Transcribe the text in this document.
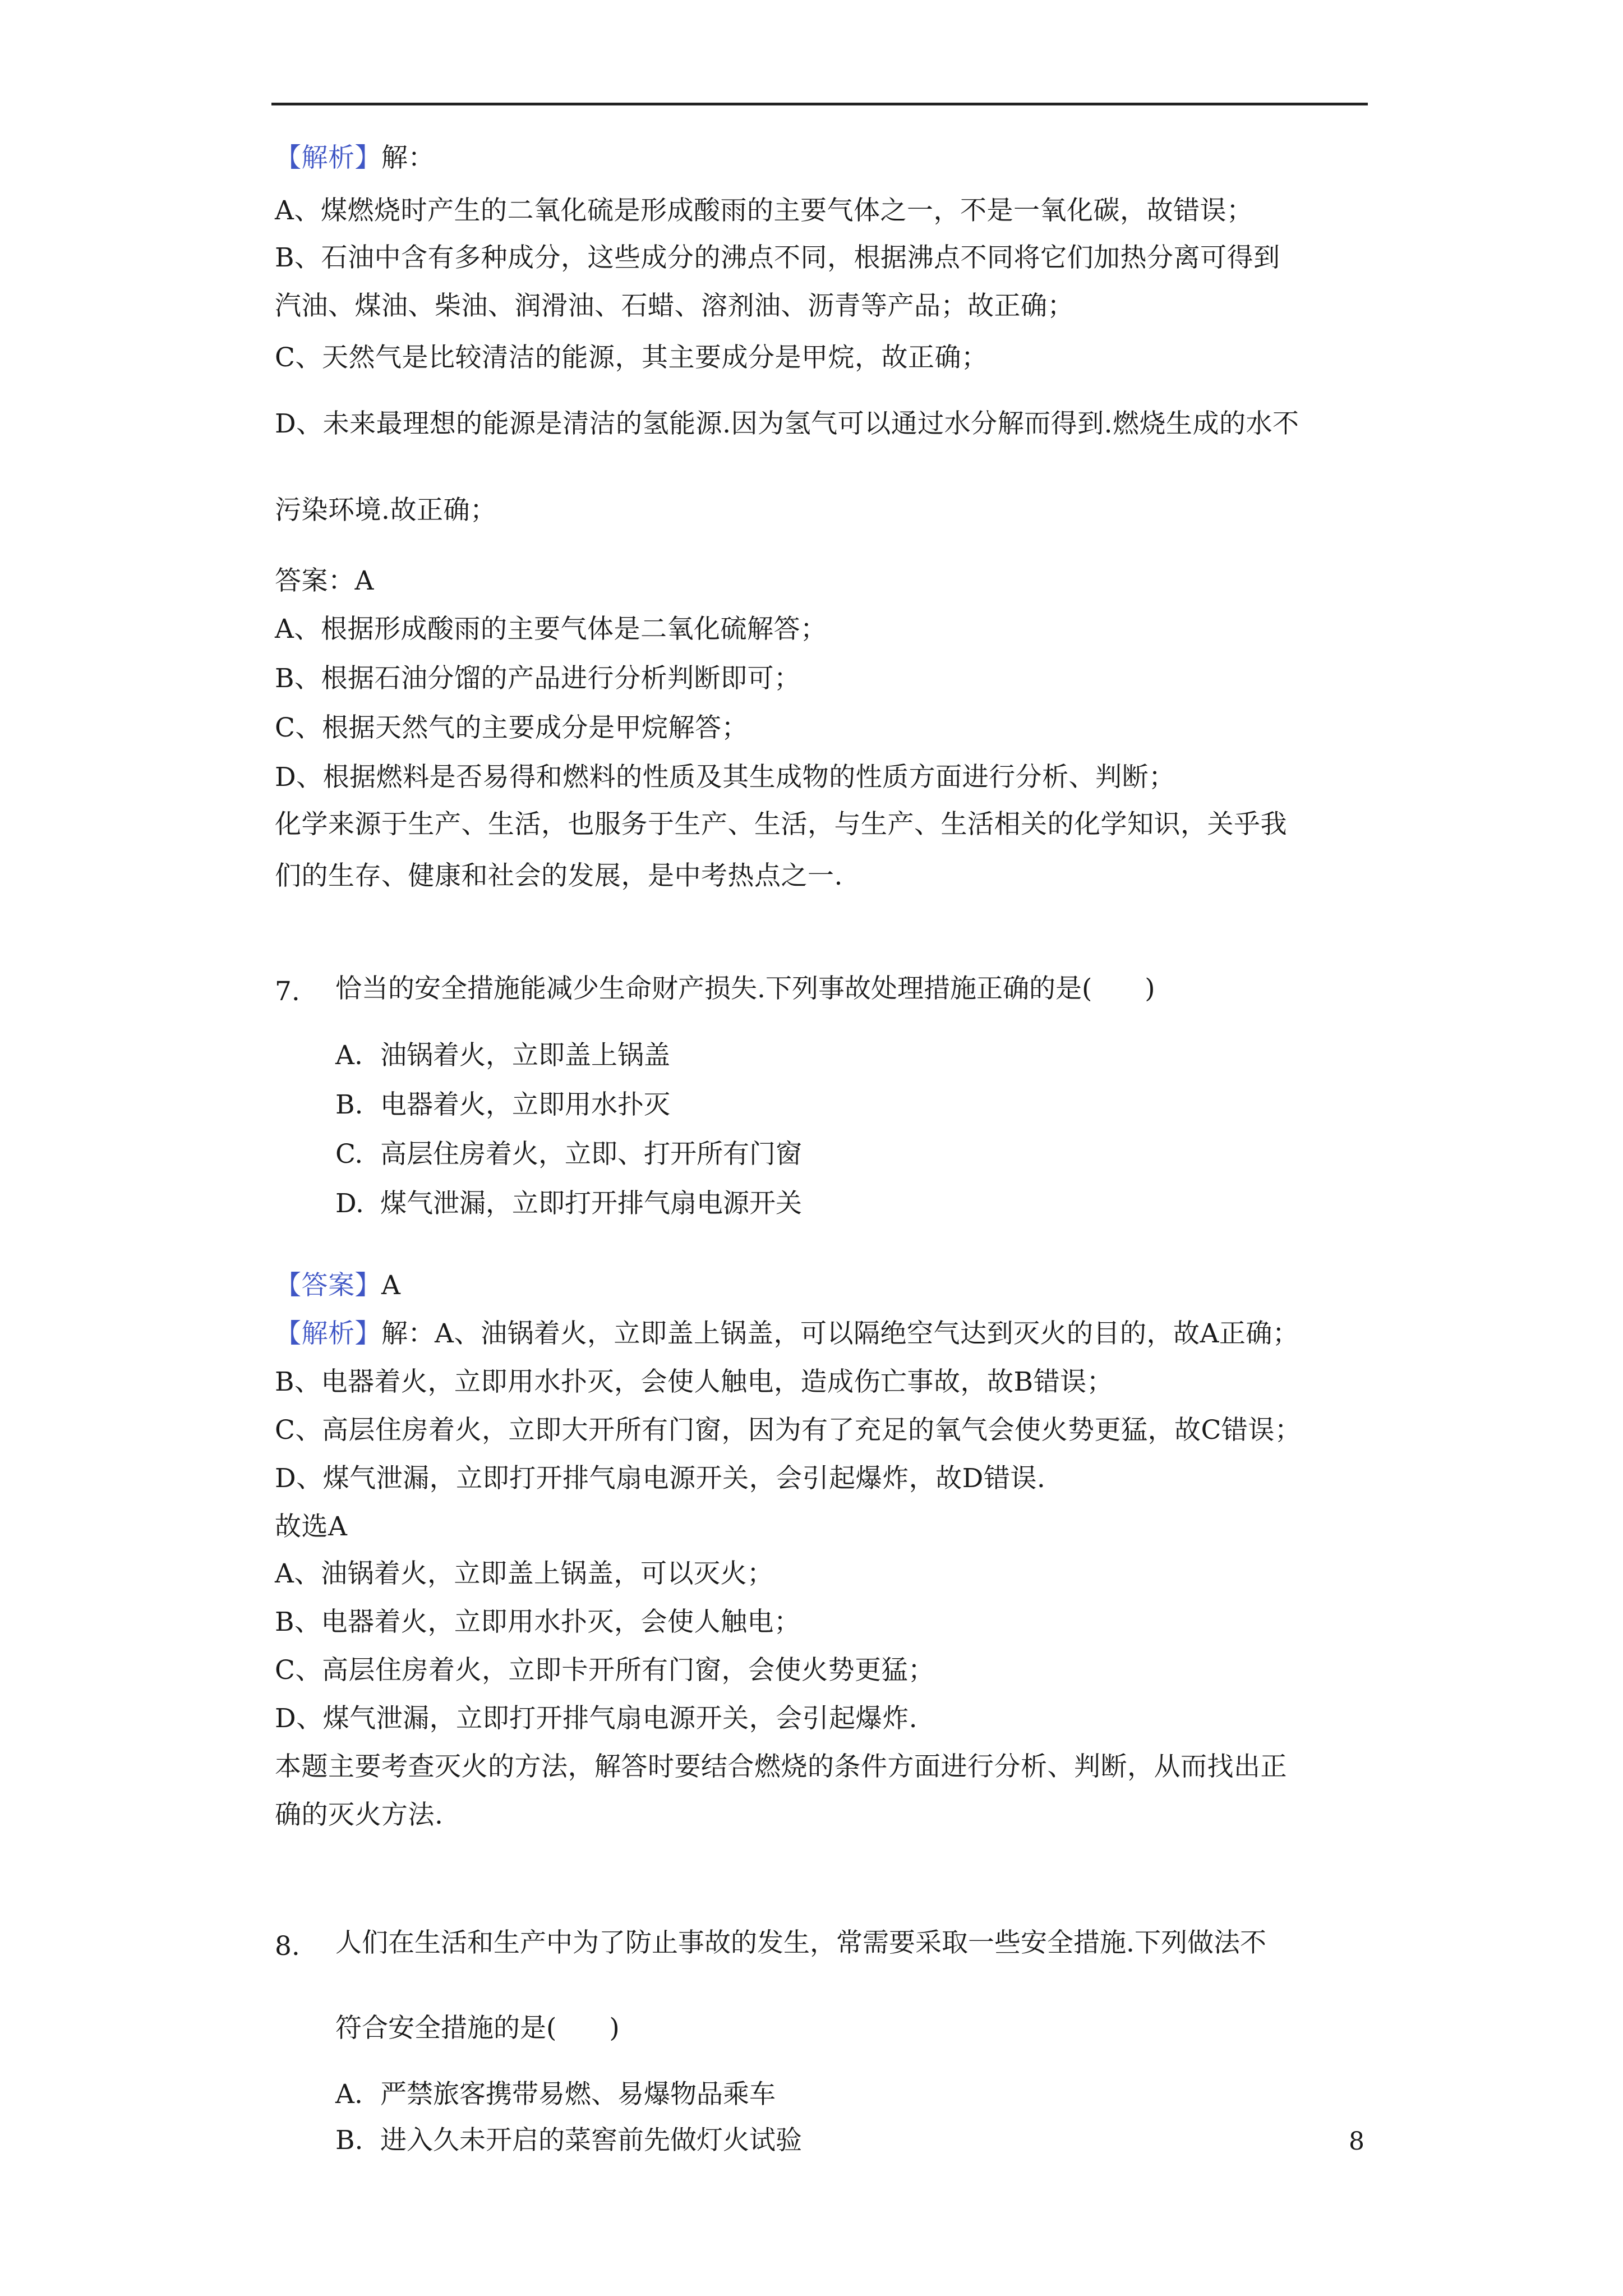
【解析】解：
A、煤燃烧时产生的二氧化硫是形成酸雨的主要气体之一，不是一氧化碳，故错误；
B、石油中含有多种成分，这些成分的沸点不同，根据沸点不同将它们加热分离可得到
汽油、煤油、柴油、润滑油、石蜡、溶剂油、沥青等产品；故正确；
C、天然气是比较清洁的能源，其主要成分是甲烷，故正确；
D、未来最理想的能源是清洁的氢能源.因为氢气可以通过水分解而得到.燃烧生成的水不
污染环境.故正确；
答案：A
A、根据形成酸雨的主要气体是二氧化硫解答；
B、根据石油分馏的产品进行分析判断即可；
C、根据天然气的主要成分是甲烷解答；
D、根据燃料是否易得和燃料的性质及其生成物的性质方面进行分析、判断；
化学来源于生产、生活，也服务于生产、生活，与生产、生活相关的化学知识，关乎我
们的生存、健康和社会的发展，是中考热点之一.
7. 恰当的安全措施能减少生命财产损失.下列事故处理措施正确的是(　　)
A. 油锅着火，立即盖上锅盖
B. 电器着火，立即用水扑灭
C. 高层住房着火，立即、打开所有门窗
D. 煤气泄漏，立即打开排气扇电源开关
【答案】A
【解析】解：A、油锅着火，立即盖上锅盖，可以隔绝空气达到灭火的目的，故A正确；
B、电器着火，立即用水扑灭，会使人触电，造成伤亡事故，故B错误；
C、高层住房着火，立即大开所有门窗，因为有了充足的氧气会使火势更猛，故C错误；
D、煤气泄漏，立即打开排气扇电源开关，会引起爆炸，故D错误.
故选A
A、油锅着火，立即盖上锅盖，可以灭火；
B、电器着火，立即用水扑灭，会使人触电；
C、高层住房着火，立即卡开所有门窗，会使火势更猛；
D、煤气泄漏，立即打开排气扇电源开关，会引起爆炸.
本题主要考查灭火的方法，解答时要结合燃烧的条件方面进行分析、判断，从而找出正
确的灭火方法.
8. 人们在生活和生产中为了防止事故的发生，常需要采取一些安全措施.下列做法不
符合安全措施的是(　　)
A. 严禁旅客携带易燃、易爆物品乘车
B. 进入久未开启的菜窖前先做灯火试验	8
